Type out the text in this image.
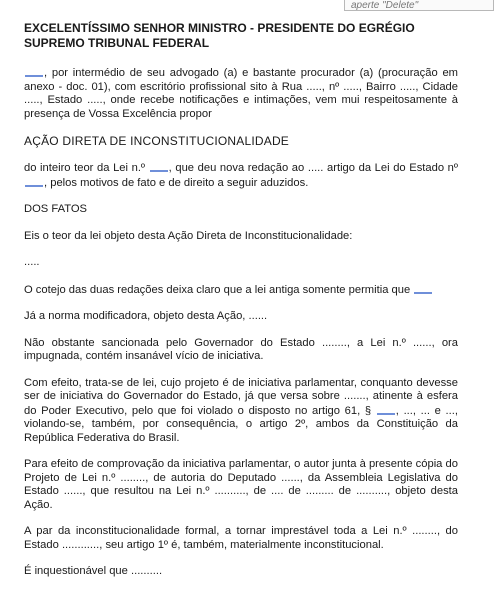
aperte "Delete"

EXCELENTÍSSIMO SENHOR MINISTRO - PRESIDENTE DO EGRÉGIO SUPREMO TRIBUNAL FEDERAL

, por intermédio de seu advogado (a) e bastante procurador (a) (procuração em anexo - doc. 01), com escritório profissional sito à Rua ....., nº ....., Bairro ....., Cidade ....., Estado ....., onde recebe notificações e intimações, vem mui respeitosamente à presença de Vossa Excelência propor

AÇÃO DIRETA DE INCONSTITUCIONALIDADE

do inteiro teor da Lei n.º , que deu nova redação ao ..... artigo da Lei do Estado nº , pelos motivos de fato e de direito a seguir aduzidos.

DOS FATOS

Eis o teor da lei objeto desta Ação Direta de Inconstitucionalidade:

.....

O cotejo das duas redações deixa claro que a lei antiga somente permitia que

Já a norma modificadora, objeto desta Ação, ......

Não obstante sancionada pelo Governador do Estado ........, a Lei n.º ......, ora impugnada, contém insanável vício de iniciativa.

Com efeito, trata-se de lei, cujo projeto é de iniciativa parlamentar, conquanto devesse ser de iniciativa do Governador do Estado, já que versa sobre ......., atinente à esfera do Poder Executivo, pelo que foi violado o disposto no artigo 61, § , ..., ... e ..., violando-se, também, por consequência, o artigo 2º, ambos da Constituição da República Federativa do Brasil.

Para efeito de comprovação da iniciativa parlamentar, o autor junta à presente cópia do Projeto de Lei n.º ........, de autoria do Deputado ......, da Assembleia Legislativa do Estado ......, que resultou na Lei n.º .........., de .... de ......... de .........., objeto desta Ação.

A par da inconstitucionalidade formal, a tornar imprestável toda a Lei n.º ........, do Estado ............, seu artigo 1º é, também, materialmente inconstitucional.

É inquestionável que ..........
